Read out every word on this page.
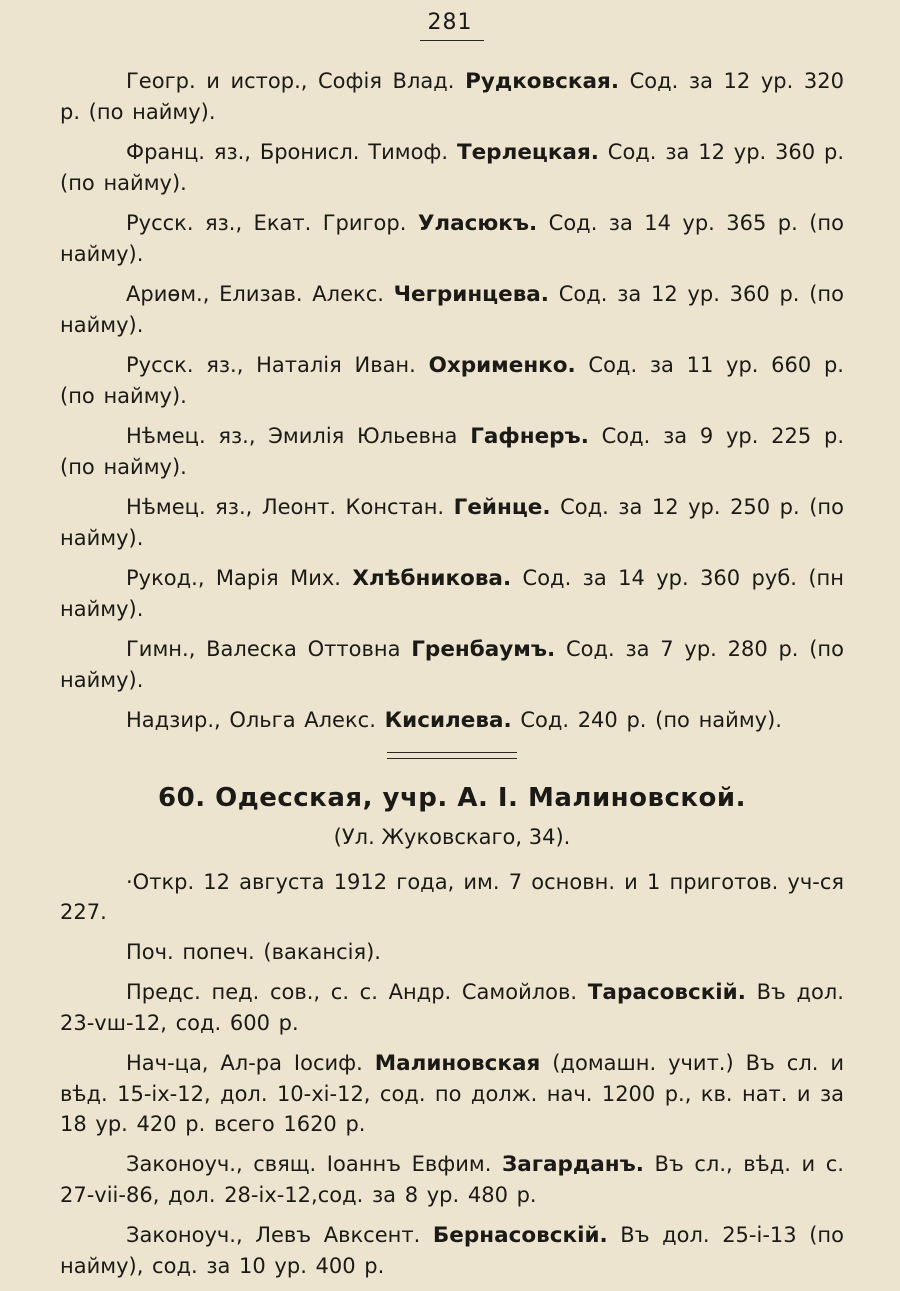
281

Геогр. и истор., Софія Влад. Рудковская. Сод. за 12 ур. 320 р. (по найму).

Франц. яз., Бронисл. Тимоф. Терлецкая. Сод. за 12 ур. 360 р. (по найму).

Русск. яз., Екат. Григор. Уласюкъ. Сод. за 14 ур. 365 р. (по найму).

Ариѳм., Елизав. Алекс. Чегринцева. Сод. за 12 ур. 360 р. (по найму).

Русск. яз., Наталія Иван. Охрименко. Сод. за 11 ур. 660 р. (по найму).

Нѣмец. яз., Эмилія Юльевна Гафнеръ. Сод. за 9 ур. 225 р. (по найму).

Нѣмец. яз., Леонт. Констан. Гейнце. Сод. за 12 ур. 250 р. (по найму).

Рукод., Марія Мих. Хлѣбникова. Сод. за 14 ур. 360 руб. (пн найму).

Гимн., Валеска Оттовна Гренбаумъ. Сод. за 7 ур. 280 р. (по найму).

Надзир., Ольга Алекс. Кисилева. Сод. 240 р. (по найму).

60. Одесская, учр. А. I. Малиновской.
(Ул. Жуковскаго, 34).

·Откр. 12 августа 1912 года, им. 7 основн. и 1 приготов. уч-ся 227.

Поч. попеч. (вакансія).

Предс. пед. сов., с. с. Андр. Самойлов. Тарасовскій. Въ дол. 23-vш-12, сод. 600 р.

Нач-ца, Ал-ра Іосиф. Малиновская (домашн. учит.) Въ сл. и вѣд. 15-ix-12, дол. 10-xi-12, сод. по долж. нач. 1200 р., кв. нат. и за 18 ур. 420 р. всего 1620 р.

Законоуч., свящ. Іоаннъ Евфим. Загарданъ. Въ сл., вѣд. и с. 27-vii-86, дол. 28-ix-12,сод. за 8 ур. 480 р.

Законоуч., Левъ Авксент. Бернасовскій. Въ дол. 25-i-13 (по найму), сод. за 10 ур. 400 р.
